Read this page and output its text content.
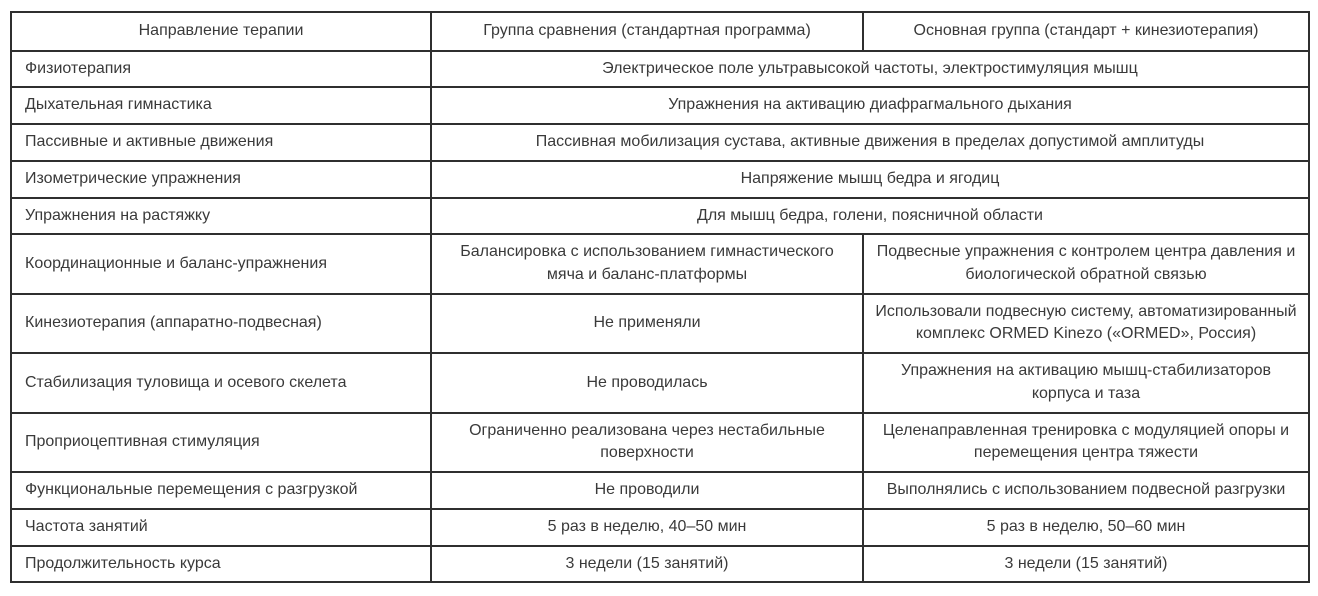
Направление терапии	Группа сравнения (стандартная программа)	Основная группа (стандарт + кинезиотерапия)
Физиотерапия	Электрическое поле ультравысокой частоты, электростимуляция мышц	
Дыхательная гимнастика	Упражнения на активацию диафрагмального дыхания	
Пассивные и активные движения	Пассивная мобилизация сустава, активные движения в пределах допустимой амплитуды	
Изометрические упражнения	Напряжение мышц бедра и ягодиц	
Упражнения на растяжку	Для мышц бедра, голени, поясничной области	
Координационные и баланс-упражнения	Балансировка с использованием гимнастического мяча и баланс-платформы	Подвесные упражнения с контролем центра давления и биологической обратной связью
Кинезиотерапия (аппаратно-подвесная)	Не применяли	Использовали подвесную систему, автоматизированный комплекс ORMED Kinezo («ORMED», Россия)
Стабилизация туловища и осевого скелета	Не проводилась	Упражнения на активацию мышц-стабилизаторов корпуса и таза
Проприоцептивная стимуляция	Ограниченно реализована через нестабильные поверхности	Целенаправленная тренировка с модуляцией опоры и перемещения центра тяжести
Функциональные перемещения с разгрузкой	Не проводили	Выполнялись с использованием подвесной разгрузки
Частота занятий	5 раз в неделю, 40–50 мин	5 раз в неделю, 50–60 мин
Продолжительность курса	3 недели (15 занятий)	3 недели (15 занятий)
